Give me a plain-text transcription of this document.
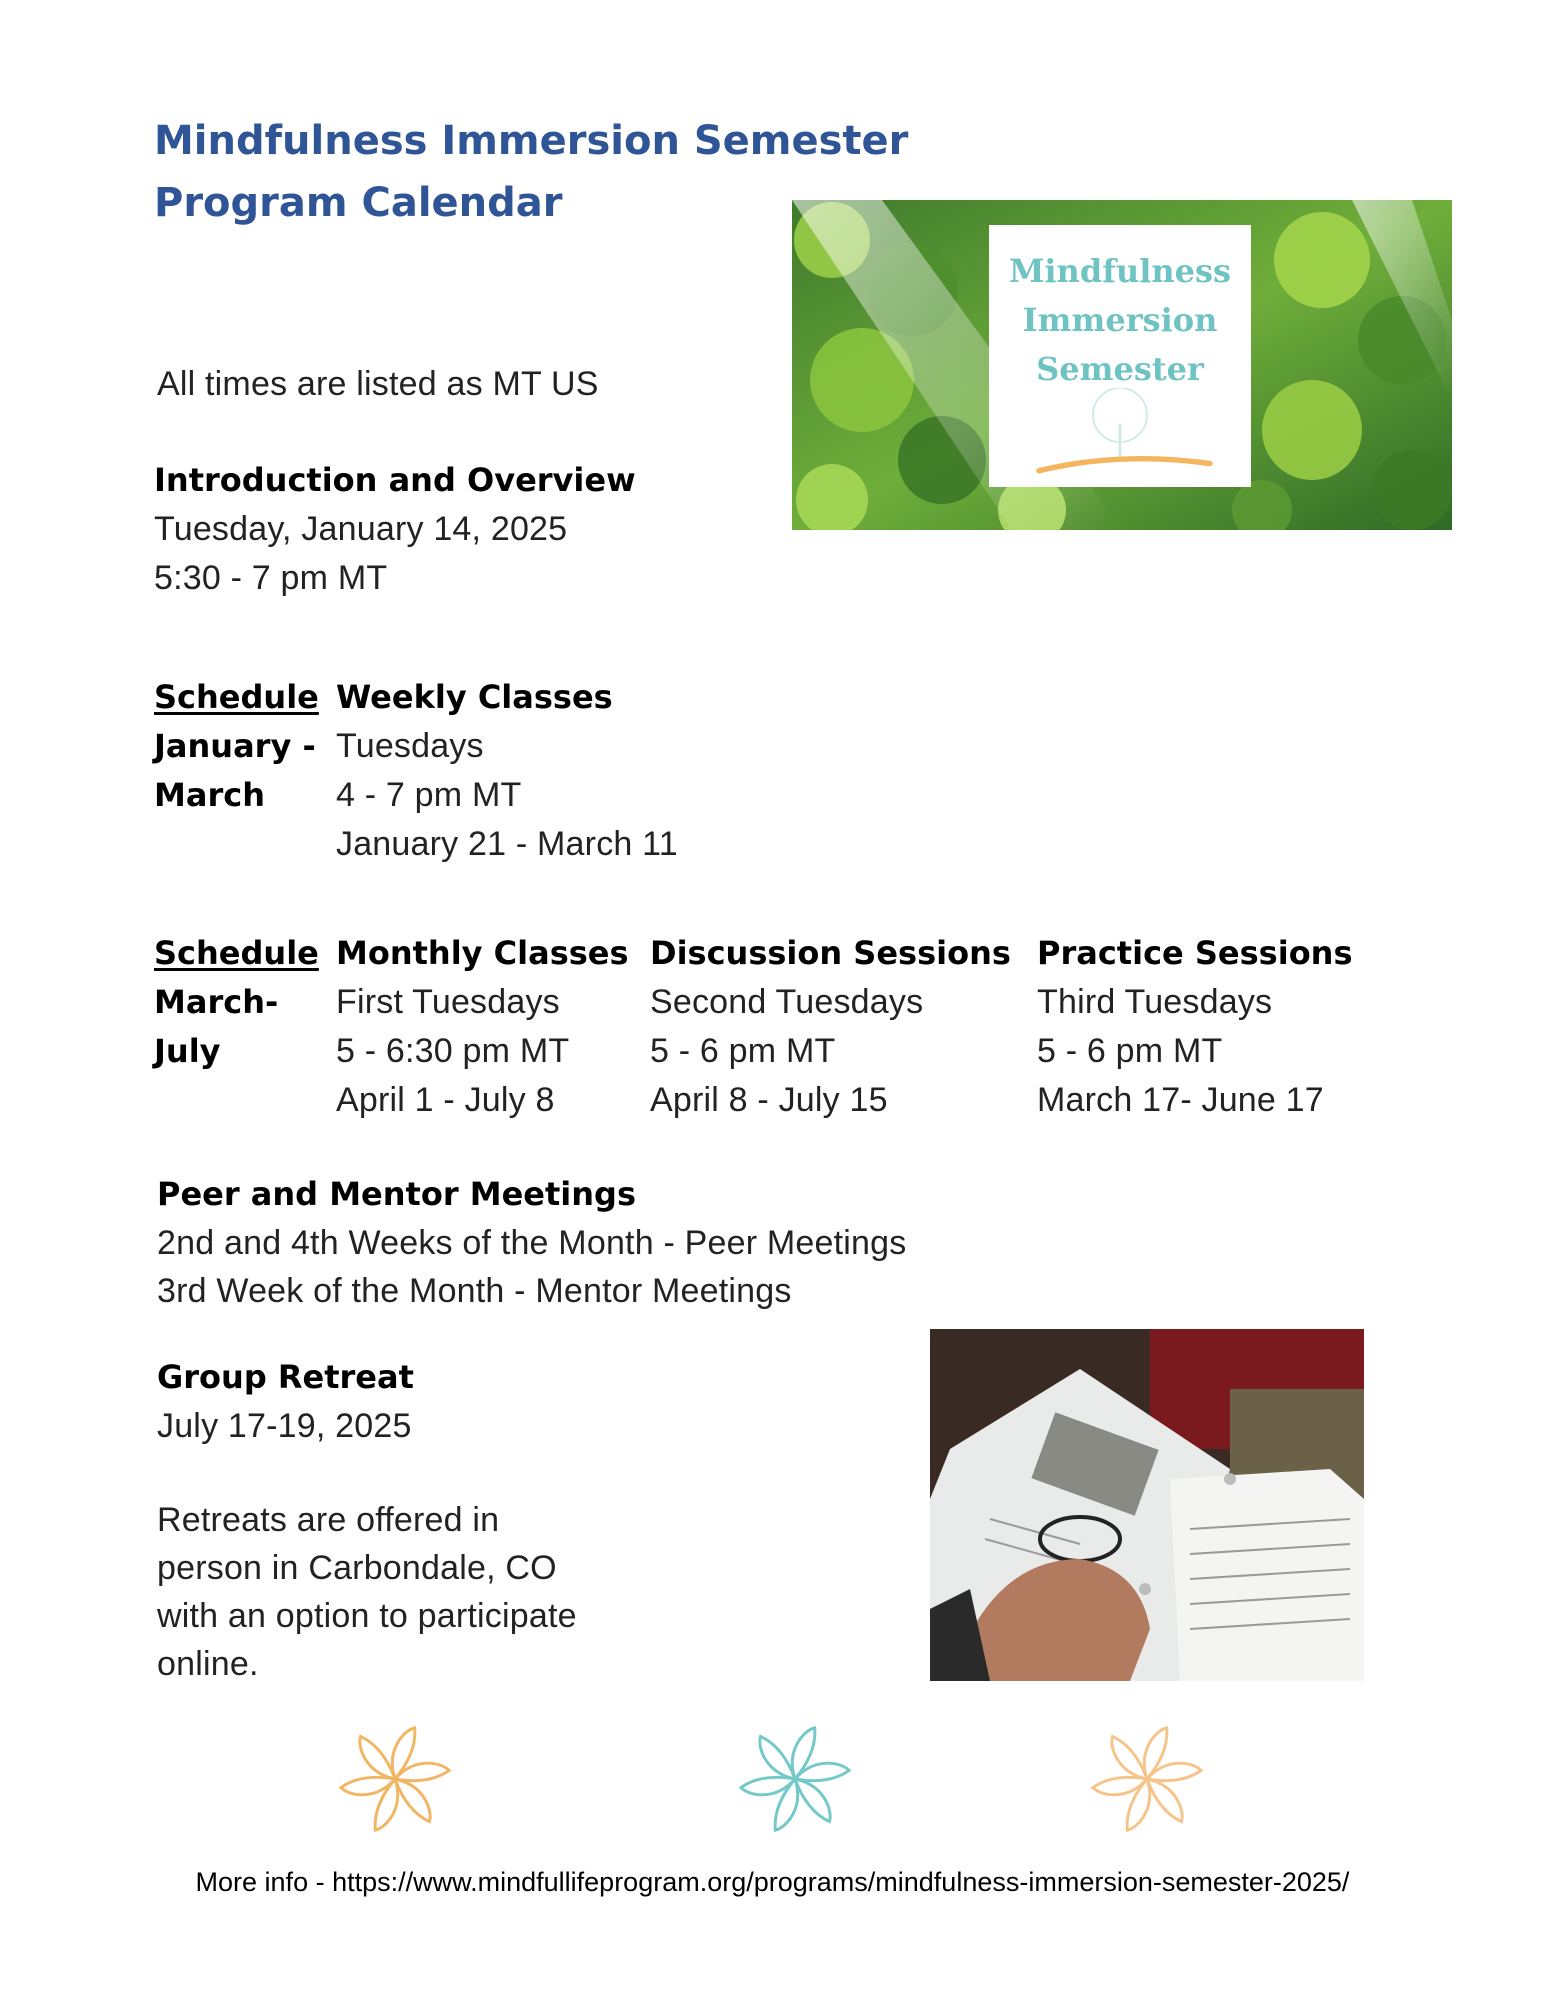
Mindfulness Immersion Semester
Program Calendar
Mindfulness
Immersion
Semester
All times are listed as MT US
Introduction and Overview
Tuesday, January 14, 2025
5:30 - 7 pm MT
Schedule
January -
March
Weekly Classes
Tuesdays
4 - 7 pm MT
January 21 - March 11
Schedule
March-
July
Monthly Classes
First Tuesdays
5 - 6:30 pm MT
April 1 - July 8
Discussion Sessions
Second Tuesdays
5 - 6 pm MT
April 8 - July 15
Practice Sessions
Third Tuesdays
5 - 6 pm MT
March 17- June 17
Peer and Mentor Meetings
2nd and 4th Weeks of the Month - Peer Meetings
3rd Week of the Month - Mentor Meetings
Group Retreat
July 17-19, 2025
Retreats are offered in
person in Carbondale, CO
with an option to participate
online.
More info - https://www.mindfullifeprogram.org/programs/mindfulness-immersion-semester-2025/
